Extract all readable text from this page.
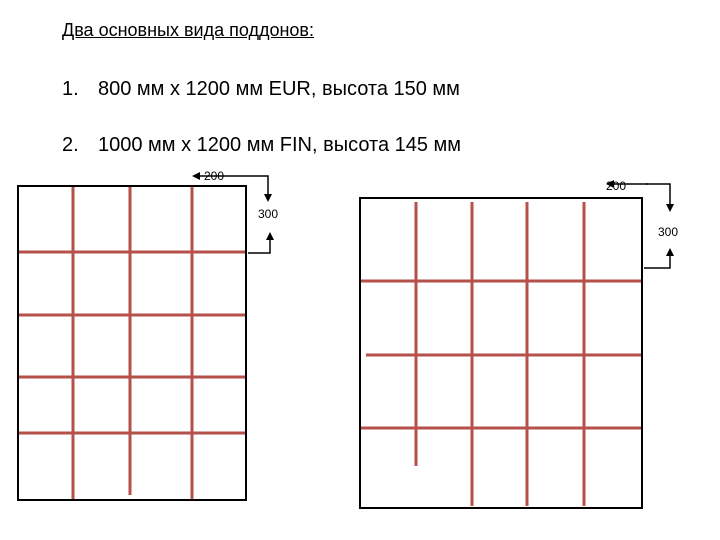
Два основных вида поддонов:
1. 800 мм х 1200 мм EUR, высота 150 мм
2. 1000 мм х 1200 мм FIN, высота 145 мм
200
300
200
300
